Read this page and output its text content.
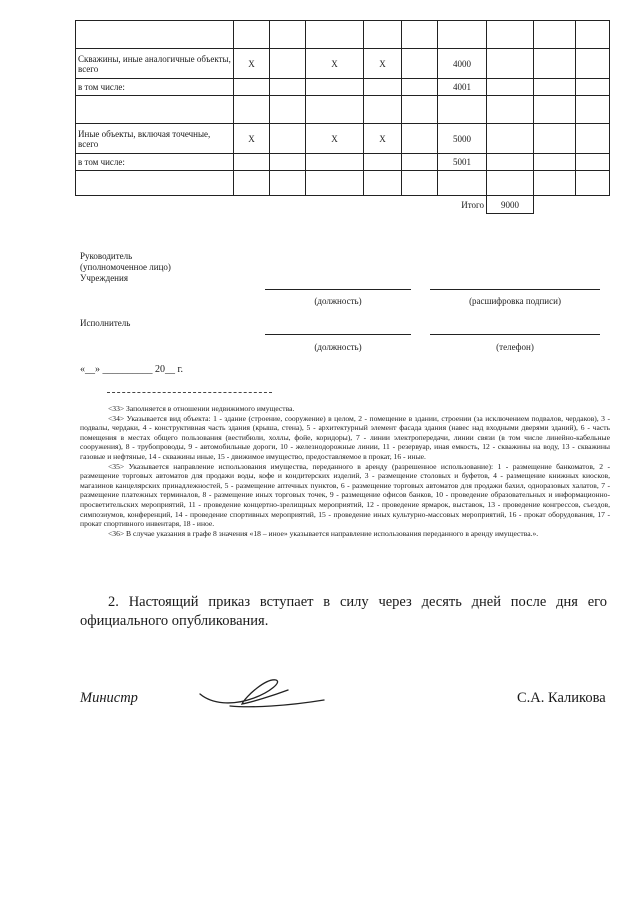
Скважины, иные аналогичные объекты, всего	X		X	X		4000			
в том числе:						4001			

Иные объекты, включая точечные, всего	X		X	X		5000			
в том числе:						5001			

						Итого	9000		
Руководитель
(уполномоченное лицо)
Учреждения
(должность)	(расшифровка подписи)
Исполнитель
(должность)	(телефон)
«__» __________ 20__ г.

<33> Заполняется в отношении недвижимого имущества.

<34> Указывается вид объекта: 1 - здание (строение, сооружение) в целом, 2 - помещение в здании, строении (за исключением подвалов, чердаков), 3 - подвалы, чердаки, 4 - конструктивная часть здания (крыша, стена), 5 - архитектурный элемент фасада здания (навес над входными дверями зданий), 6 - часть помещения в местах общего пользования (вестибюли, холлы, фойе, коридоры), 7 - линии электропередачи, линии связи (в том числе линейно-кабельные сооружения), 8 - трубопроводы, 9 - автомобильные дороги, 10 - железнодорожные линии, 11 - резервуар, иная емкость, 12 - скважины на воду, 13 - скважины газовые и нефтяные, 14 - скважины иные, 15 - движимое имущество, предоставляемое в прокат, 16 - иные.

<35> Указывается направление использования имущества, переданного в аренду (разрешенное использование): 1 - размещение банкоматов, 2 - размещение торговых автоматов для продажи воды, кофе и кондитерских изделий, 3 - размещение столовых и буфетов, 4 - размещение книжных киосков, магазинов канцелярских принадлежностей, 5 - размещение аптечных пунктов, 6 - размещение торговых автоматов для продажи бахил, одноразовых халатов, 7 - размещение платежных терминалов, 8 - размещение иных торговых точек, 9 - размещение офисов банков, 10 - проведение образовательных и информационно-просветительских мероприятий, 11 - проведение концертно-зрелищных мероприятий, 12 - проведение ярмарок, выставок, 13 - проведение конгрессов, съездов, симпозиумов, конференций, 14 - проведение спортивных мероприятий, 15 - проведение иных культурно-массовых мероприятий, 16 - прокат оборудования, 17 - прокат спортивного инвентаря, 18 - иное.

<36> В случае указания в графе 8 значения «18 – иное» указывается направление использования переданного в аренду имущества.».

2. Настоящий приказ вступает в силу через десять дней после дня его официального опубликования.
Министр	С.А. Каликова
